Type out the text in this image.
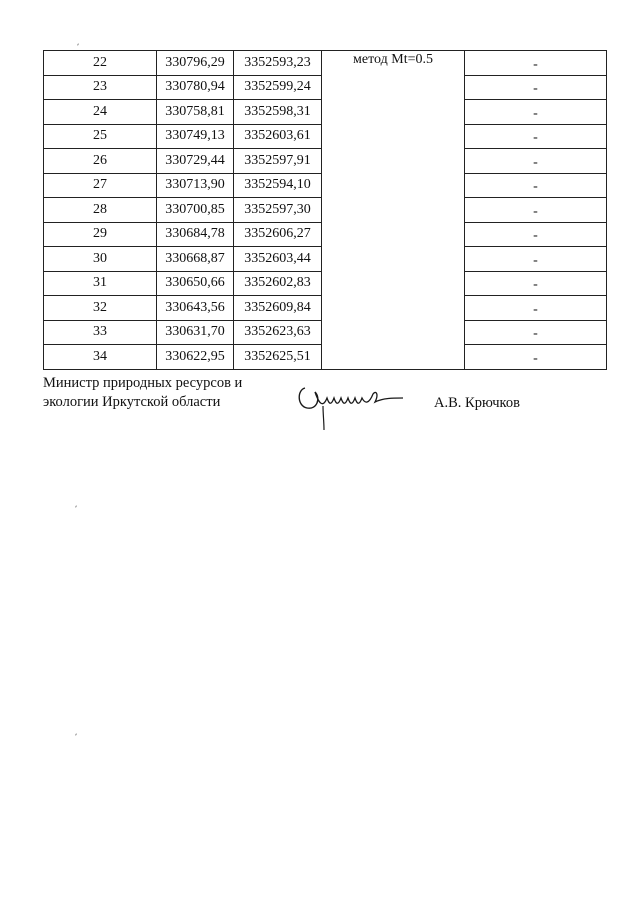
22	330796,29	3352593,23	метод Mt=0.5	-
23	330780,94	3352599,24		-
24	330758,81	3352598,31		-
25	330749,13	3352603,61		-
26	330729,44	3352597,91		-
27	330713,90	3352594,10		-
28	330700,85	3352597,30		-
29	330684,78	3352606,27		-
30	330668,87	3352603,44		-
31	330650,66	3352602,83		-
32	330643,56	3352609,84		-
33	330631,70	3352623,63		-
34	330622,95	3352625,51		-
Министр природных ресурсов и
экологии Иркутской области	А.В. Крючков
